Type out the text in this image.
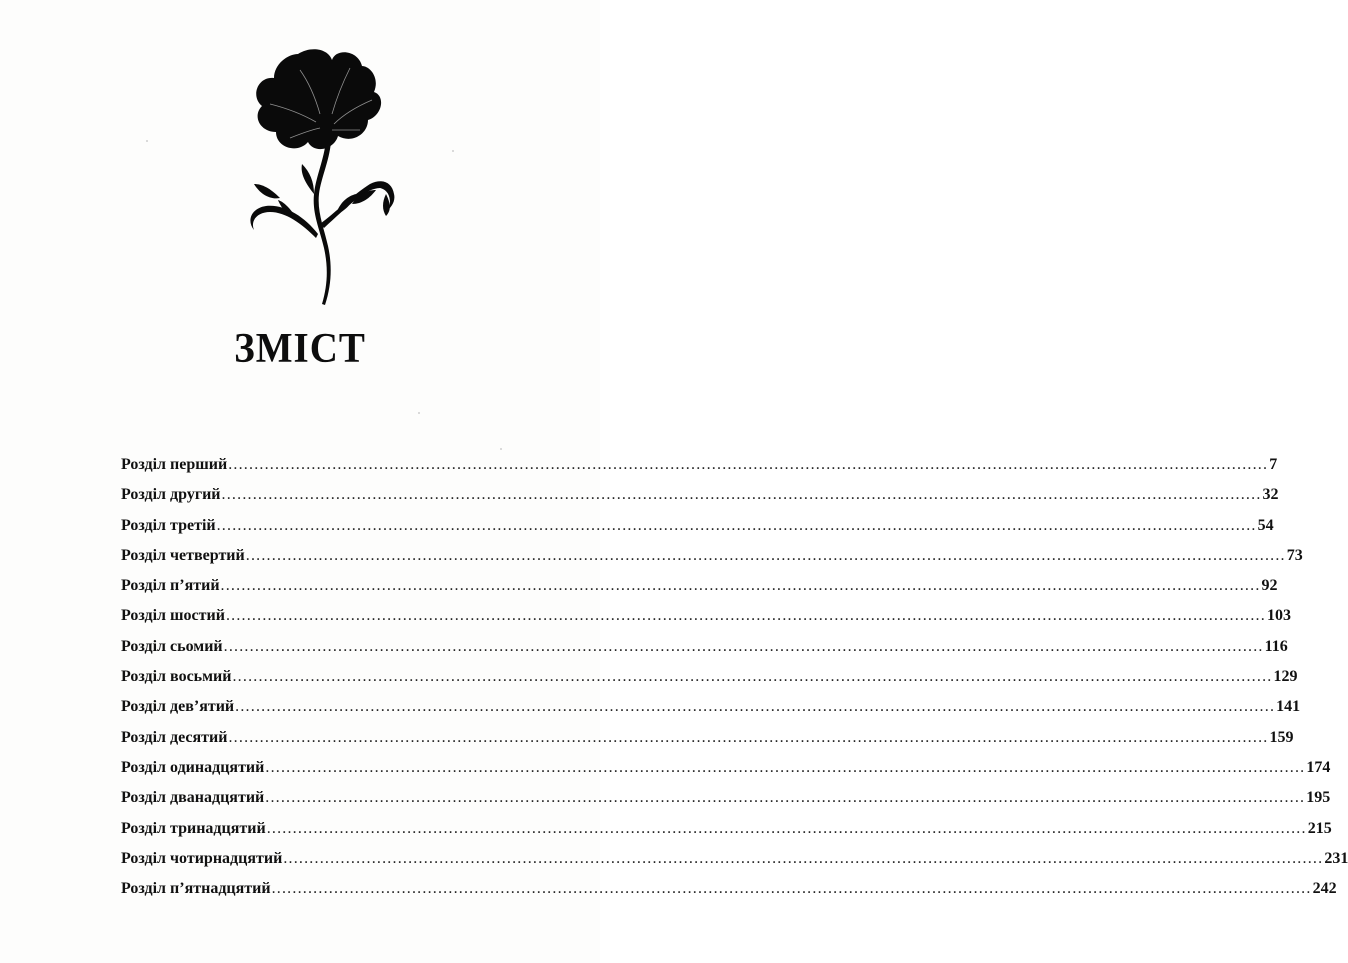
ЗМІСТ
Розділ перший ........................................................................................................................................................................................................ 7
Розділ другий ........................................................................................................................................................................................................ 32
Розділ третій ........................................................................................................................................................................................................ 54
Розділ четвертий ........................................................................................................................................................................................................ 73
Розділ п’ятий ........................................................................................................................................................................................................ 92
Розділ шостий ........................................................................................................................................................................................................ 103
Розділ сьомий ........................................................................................................................................................................................................ 116
Розділ восьмий ........................................................................................................................................................................................................ 129
Розділ дев’ятий ........................................................................................................................................................................................................ 141
Розділ десятий ........................................................................................................................................................................................................ 159
Розділ одинадцятий ........................................................................................................................................................................................................ 174
Розділ дванадцятий ........................................................................................................................................................................................................ 195
Розділ тринадцятий ........................................................................................................................................................................................................ 215
Розділ чотирнадцятий ........................................................................................................................................................................................................ 231
Розділ п’ятнадцятий ........................................................................................................................................................................................................ 242
